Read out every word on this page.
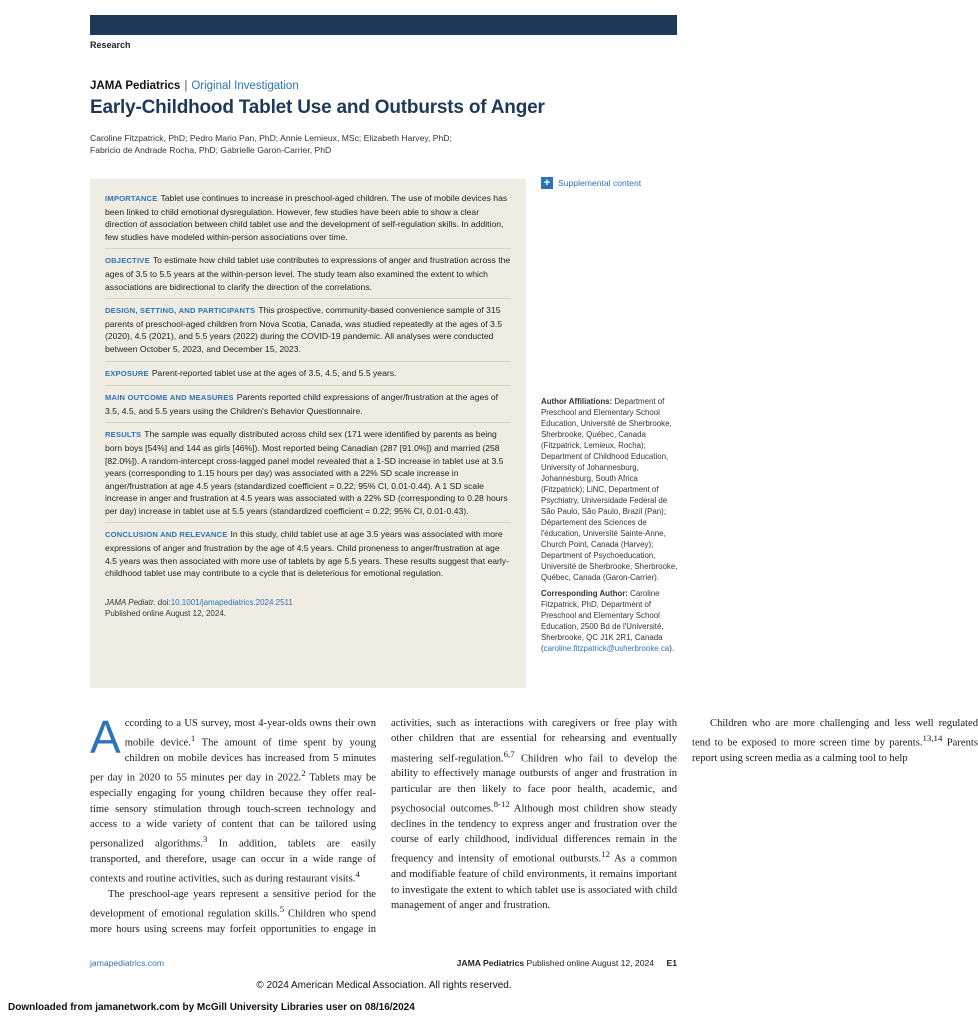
Research
JAMA Pediatrics | Original Investigation
Early-Childhood Tablet Use and Outbursts of Anger
Caroline Fitzpatrick, PhD; Pedro Mario Pan, PhD; Annie Lemieux, MSc; Elizabeth Harvey, PhD;
Fabricio de Andrade Rocha, PhD; Gabrielle Garon-Carrier, PhD
IMPORTANCE Tablet use continues to increase in preschool-aged children. The use of mobile devices has been linked to child emotional dysregulation. However, few studies have been able to show a clear direction of association between child tablet use and the development of self-regulation skills. In addition, few studies have modeled within-person associations over time.
OBJECTIVE To estimate how child tablet use contributes to expressions of anger and frustration across the ages of 3.5 to 5.5 years at the within-person level. The study team also examined the extent to which associations are bidirectional to clarify the direction of the correlations.
DESIGN, SETTING, AND PARTICIPANTS This prospective, community-based convenience sample of 315 parents of preschool-aged children from Nova Scotia, Canada, was studied repeatedly at the ages of 3.5 (2020), 4.5 (2021), and 5.5 years (2022) during the COVID-19 pandemic. All analyses were conducted between October 5, 2023, and December 15, 2023.
EXPOSURE Parent-reported tablet use at the ages of 3.5, 4.5, and 5.5 years.
MAIN OUTCOME AND MEASURES Parents reported child expressions of anger/frustration at the ages of 3.5, 4.5, and 5.5 years using the Children's Behavior Questionnaire.
RESULTS The sample was equally distributed across child sex (171 were identified by parents as being born boys [54%] and 144 as girls [46%]). Most reported being Canadian (287 [91.0%]) and married (258 [82.0%]). A random-intercept cross-lagged panel model revealed that a 1-SD increase in tablet use at 3.5 years (corresponding to 1.15 hours per day) was associated with a 22% SD scale increase in anger/frustration at age 4.5 years (standardized coefficient = 0.22; 95% CI, 0.01-0.44). A 1 SD scale increase in anger and frustration at 4.5 years was associated with a 22% SD (corresponding to 0.28 hours per day) increase in tablet use at 5.5 years (standardized coefficient = 0.22; 95% CI, 0.01-0.43).
CONCLUSION AND RELEVANCE In this study, child tablet use at age 3.5 years was associated with more expressions of anger and frustration by the age of 4.5 years. Child proneness to anger/frustration at age 4.5 years was then associated with more use of tablets by age 5.5 years. These results suggest that early-childhood tablet use may contribute to a cycle that is deleterious for emotional regulation.
JAMA Pediatr. doi:10.1001/jamapediatrics.2024.2511
Published online August 12, 2024.
+ Supplemental content

Author Affiliations: Department of Preschool and Elementary School Education, Université de Sherbrooke, Sherbrooke, Québec, Canada (Fitzpatrick, Lemieux, Rocha); Department of Childhood Education, University of Johannesburg, Johannesburg, South Africa (Fitzpatrick); LiNC, Department of Psychiatry, Universidade Federal de São Paulo, São Paulo, Brazil (Pan); Département des Sciences de l'éducation, Université Sainte-Anne, Church Point, Canada (Harvey); Department of Psychoeducation, Université de Sherbrooke, Sherbrooke, Québec, Canada (Garon-Carrier).

Corresponding Author: Caroline Fitzpatrick, PhD, Department of Preschool and Elementary School Education, 2500 Bd de l'Université, Sherbrooke, QC J1K 2R1, Canada (caroline.fitzpatrick@usherbrooke.ca).

According to a US survey, most 4-year-olds owns their own mobile device.$^1$ The amount of time spent by young children on mobile devices has increased from 5 minutes per day in 2020 to 55 minutes per day in 2022.$^2$ Tablets may be especially engaging for young children because they offer real-time sensory stimulation through touch-screen technology and access to a wide variety of content that can be tailored using personalized algorithms.$^3$ In addition, tablets are easily transported, and therefore, usage can occur in a wide range of contexts and routine activities, such as during restaurant visits.$^4$

The preschool-age years represent a sensitive period for the development of emotional regulation skills.$^5$ Children who spend more hours using screens may forfeit opportunities to engage in activities, such as interactions with caregivers or free play with other children that are essential for rehearsing and eventually mastering self-regulation.$^{6,7}$ Children who fail to develop the ability to effectively manage outbursts of anger and frustration in particular are then likely to face poor health, academic, and psychosocial outcomes.$^{8-12}$ Although most children show steady declines in the tendency to express anger and frustration over the course of early childhood, individual differences remain in the frequency and intensity of emotional outbursts.$^{12}$ As a common and modifiable feature of child environments, it remains important to investigate the extent to which tablet use is associated with child management of anger and frustration.

Children who are more challenging and less well regulated tend to be exposed to more screen time by parents.$^{13,14}$ Parents report using screen media as a calming tool to help

jamapediatrics.com	JAMA Pediatrics Published online August 12, 2024 E1
© 2024 American Medical Association. All rights reserved.
Downloaded from jamanetwork.com by McGill University Libraries user on 08/16/2024
